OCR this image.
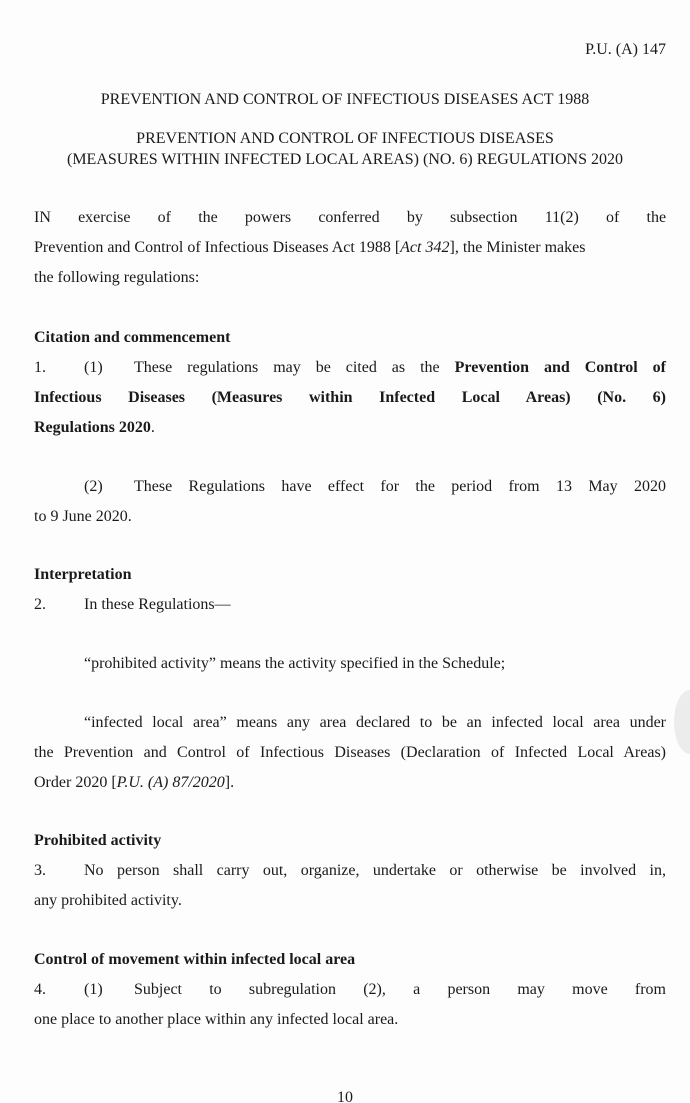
P.U. (A) 147
PREVENTION AND CONTROL OF INFECTIOUS DISEASES ACT 1988
PREVENTION AND CONTROL OF INFECTIOUS DISEASES
(MEASURES WITHIN INFECTED LOCAL AREAS) (NO. 6) REGULATIONS 2020
IN exercise of the powers conferred by subsection 11(2) of the
Prevention and Control of Infectious Diseases Act 1988 [Act 342], the Minister makes
the following regulations:
Citation and commencement
1. (1) These regulations may be cited as the Prevention and Control of
Infectious Diseases (Measures within Infected Local Areas) (No. 6)
Regulations 2020.
(2) These Regulations have effect for the period from 13 May 2020
to 9 June 2020.
Interpretation
2. In these Regulations—
“prohibited activity” means the activity specified in the Schedule;
“infected local area” means any area declared to be an infected local area under
the Prevention and Control of Infectious Diseases (Declaration of Infected Local Areas)
Order 2020 [P.U. (A) 87/2020].
Prohibited activity
3. No person shall carry out, organize, undertake or otherwise be involved in,
any prohibited activity.
Control of movement within infected local area
4. (1) Subject to subregulation (2), a person may move from
one place to another place within any infected local area.
10
